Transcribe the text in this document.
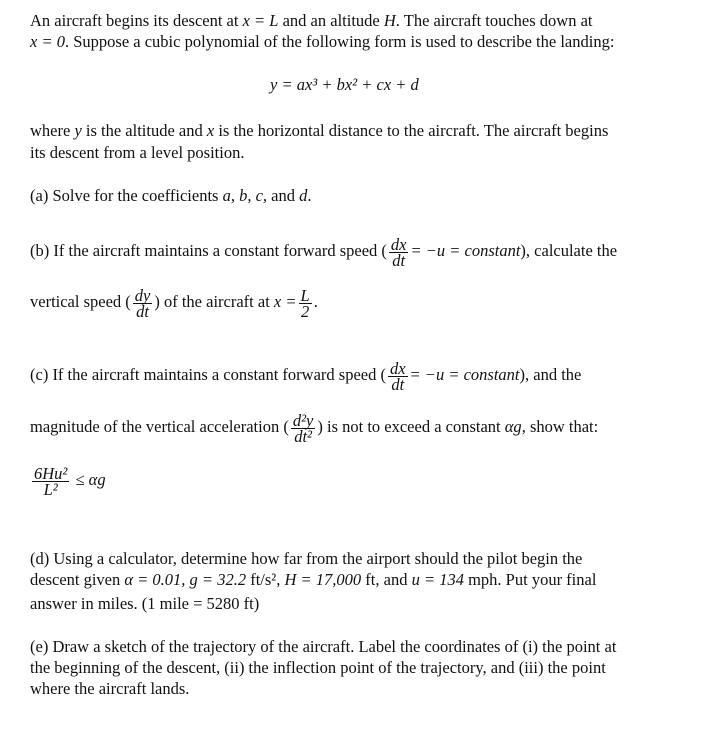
An aircraft begins its descent at x = L and an altitude H. The aircraft touches down at
x = 0. Suppose a cubic polynomial of the following form is used to describe the landing:
y = ax³ + bx² + cx + d
where y is the altitude and x is the horizontal distance to the aircraft. The aircraft begins
its descent from a level position.
(a) Solve for the coefficients a, b, c, and d.
(b) If the aircraft maintains a constant forward speed ( $\frac{dx}{dt} = -u$ = constant), calculate the
vertical speed ( $\frac{dy}{dt}$ ) of the aircraft at $x = \frac{L}{2}$ .
(c) If the aircraft maintains a constant forward speed ( $\frac{dx}{dt} = -u$ = constant), and the
magnitude of the vertical acceleration ( $\frac{\text{d²y}}{\text{dt²}}$ ) is not to exceed a constant αg, show that:
$\frac{\text{6Hu²}}{\text{L²}} \le \alpha g$
(d) Using a calculator, determine how far from the airport should the pilot begin the
descent given α = 0.01, g = 32.2 ft/s², H = 17,000 ft, and u = 134 mph. Put your final
answer in miles. (1 mile = 5280 ft)
(e) Draw a sketch of the trajectory of the aircraft. Label the coordinates of (i) the point at
the beginning of the descent, (ii) the inflection point of the trajectory, and (iii) the point
where the aircraft lands.
